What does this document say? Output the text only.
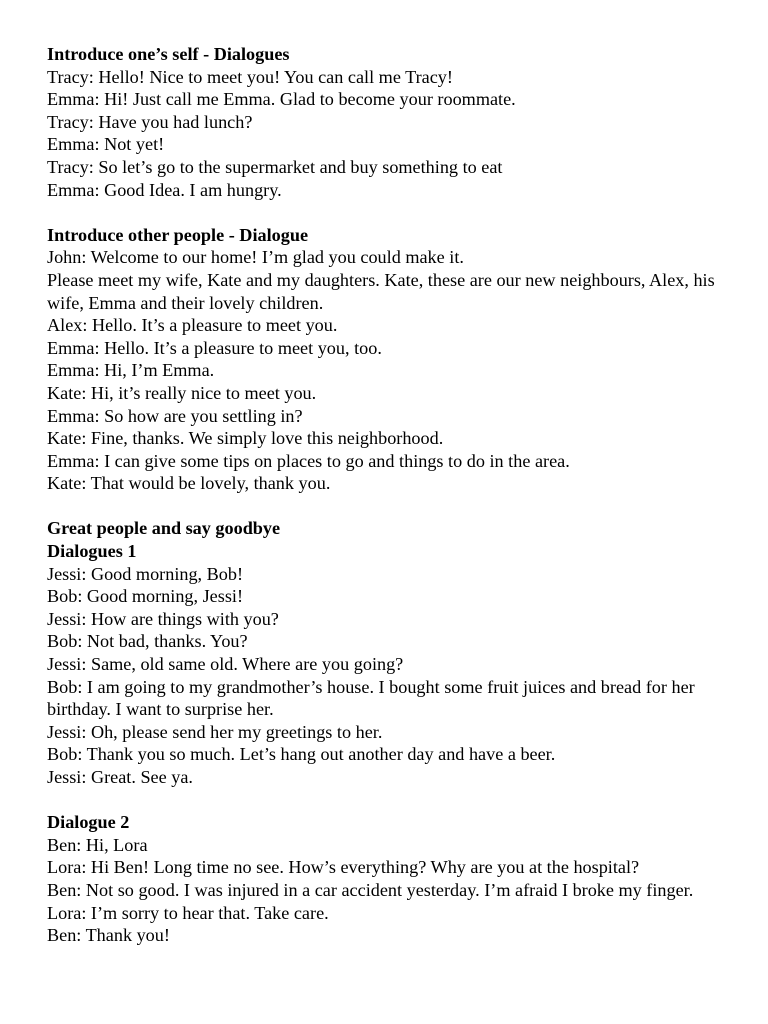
Introduce one’s self - Dialogues
Tracy: Hello! Nice to meet you! You can call me Tracy!
Emma: Hi! Just call me Emma. Glad to become your roommate.
Tracy: Have you had lunch?
Emma: Not yet!
Tracy: So let’s go to the supermarket and buy something to eat
Emma: Good Idea. I am hungry.
Introduce other people - Dialogue
John: Welcome to our home! I’m glad you could make it.
Please meet my wife, Kate and my daughters. Kate, these are our new neighbours, Alex, his wife, Emma and their lovely children.
Alex: Hello. It’s a pleasure to meet you.
Emma: Hello. It’s a pleasure to meet you, too.
Emma: Hi, I’m Emma.
Kate: Hi, it’s really nice to meet you.
Emma: So how are you settling in?
Kate: Fine, thanks. We simply love this neighborhood.
Emma: I can give some tips on places to go and things to do in the area.
Kate: That would be lovely, thank you.
Great people and say goodbye
Dialogues 1
Jessi: Good morning, Bob!
Bob: Good morning, Jessi!
Jessi: How are things with you?
Bob: Not bad, thanks. You?
Jessi: Same, old same old. Where are you going?
Bob: I am going to my grandmother’s house. I bought some fruit juices and bread for her birthday. I want to surprise her.
Jessi: Oh, please send her my greetings to her.
Bob: Thank you so much. Let’s hang out another day and have a beer.
Jessi: Great. See ya.
Dialogue 2
Ben: Hi, Lora
Lora: Hi Ben! Long time no see. How’s everything? Why are you at the hospital?
Ben: Not so good. I was injured in a car accident yesterday. I’m afraid I broke my finger.
Lora: I’m sorry to hear that. Take care.
Ben: Thank you!
